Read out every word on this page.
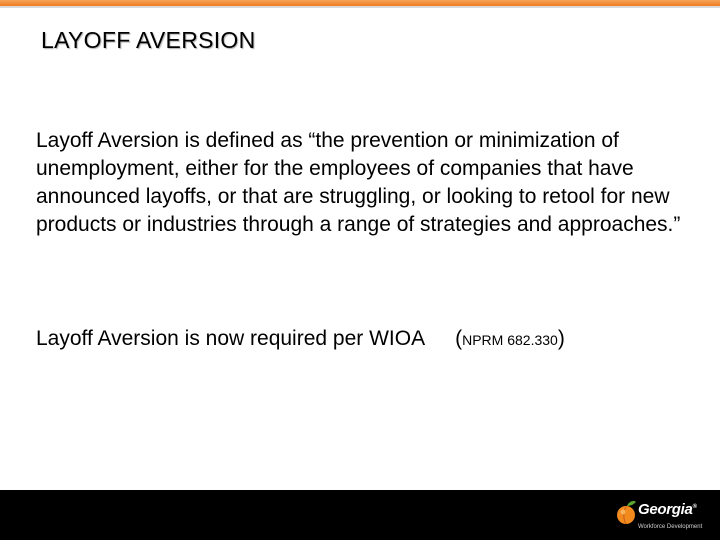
LAYOFF AVERSION
Layoff Aversion is defined as “the prevention or minimization of unemployment, either for the employees of companies that have announced layoffs, or that are struggling, or looking to retool for new products or industries through a range of strategies and approaches.”
Layoff Aversion is now required per WIOA (NPRM 682.330)
Georgia®
Workforce Development
